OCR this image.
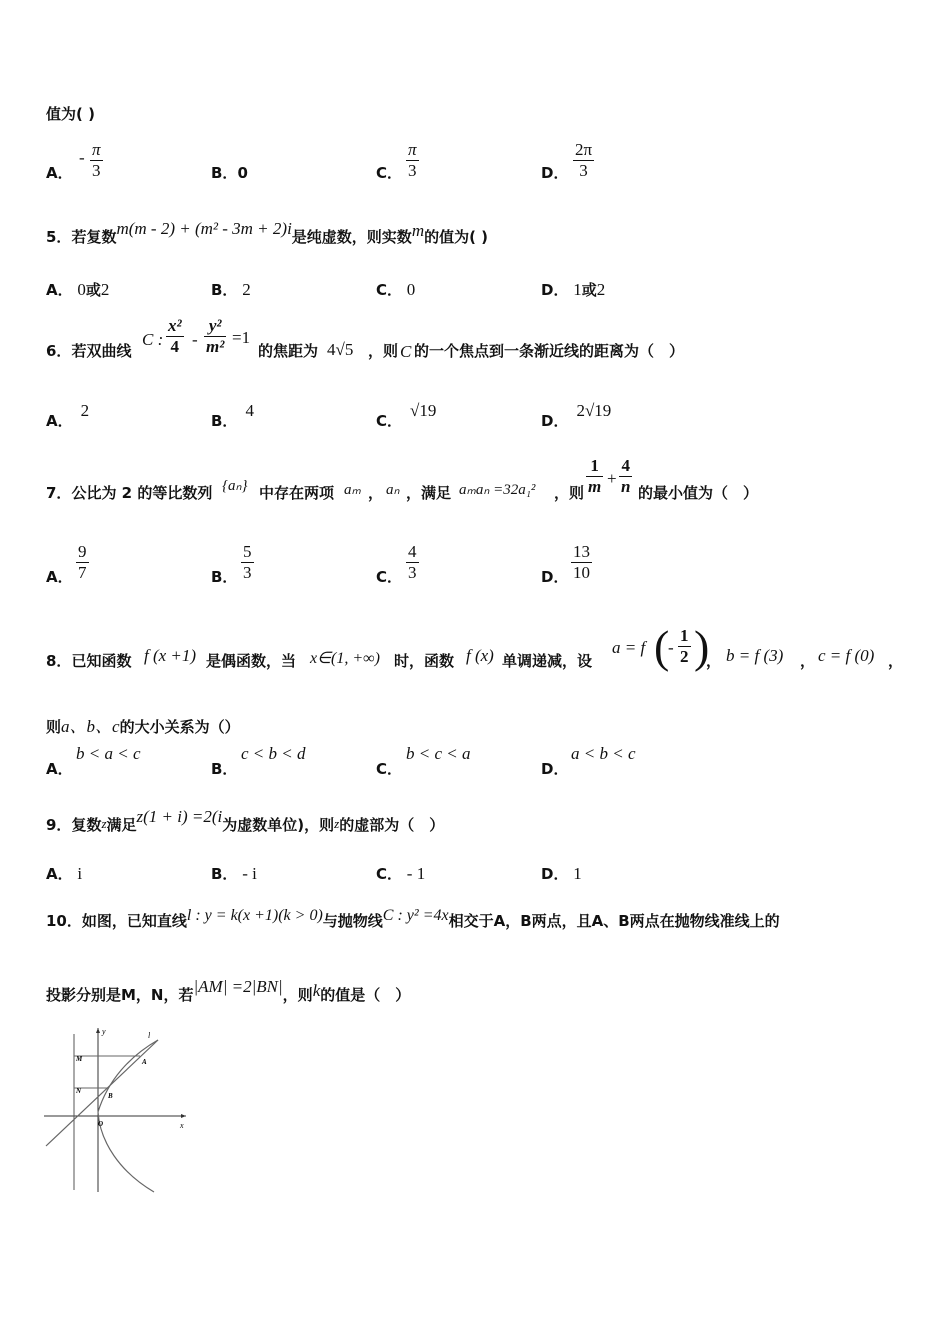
值为( )
A．
- $\frac{\pi}{3}$	B．0	C． $\frac{\pi}{3}$	D． $\frac{2\pi}{3}$
5．若复数m(m - 2) + (m² - 3m + 2)i是纯虚数，则实数m的值为( )
A． 0或2	B． 2	C． 0	D． 1或2
6．若双曲线
C : $\frac{\text{x²}}{4} - \frac{\text{y²}}{\text{m²}} =1$
的焦距为 4√5 ，则 C 的一个焦点到一条渐近线的距离为（　）
A．2
B．4
C．√19
D．2√19
7．公比为 2 的等比数列 {aₙ} 中存在两项 aₘ ， aₙ ，满足 aₘaₙ =32a₁² ，则 $\frac{1}{m} + \frac{4}{n}$ 的最小值为（　）
A． $\frac{9}{7}$	B． $\frac{5}{3}$	C． $\frac{4}{3}$	D． $\frac{13}{10}$
8．已知函数 f (x +1) 是偶函数，当 x∈(1, +∞) 时，函数 f (x) 单调递减，设
a = f (
- $\frac{1}{2}$ )
， b = f (3) ， c = f (0) ，
则a、b、c的大小关系为（）
A．
b < a < c
B．
c < b < d
C．
b < c < a
D．
a < b < c
9．复数z满足z(1 + i) =2(i为虚数单位)，则z的虚部为（　）
A． i	B． - i	C． - 1	D． 1
10．如图，已知直线l : y = k(x +1)(k > 0)与抛物线C : y² =4x相交于A，B两点，且A、B两点在抛物线准线上的
投影分别是M，N，若|AM| =2|BN|，则k的值是（　）
y
x
l
M
N
A
B
O
